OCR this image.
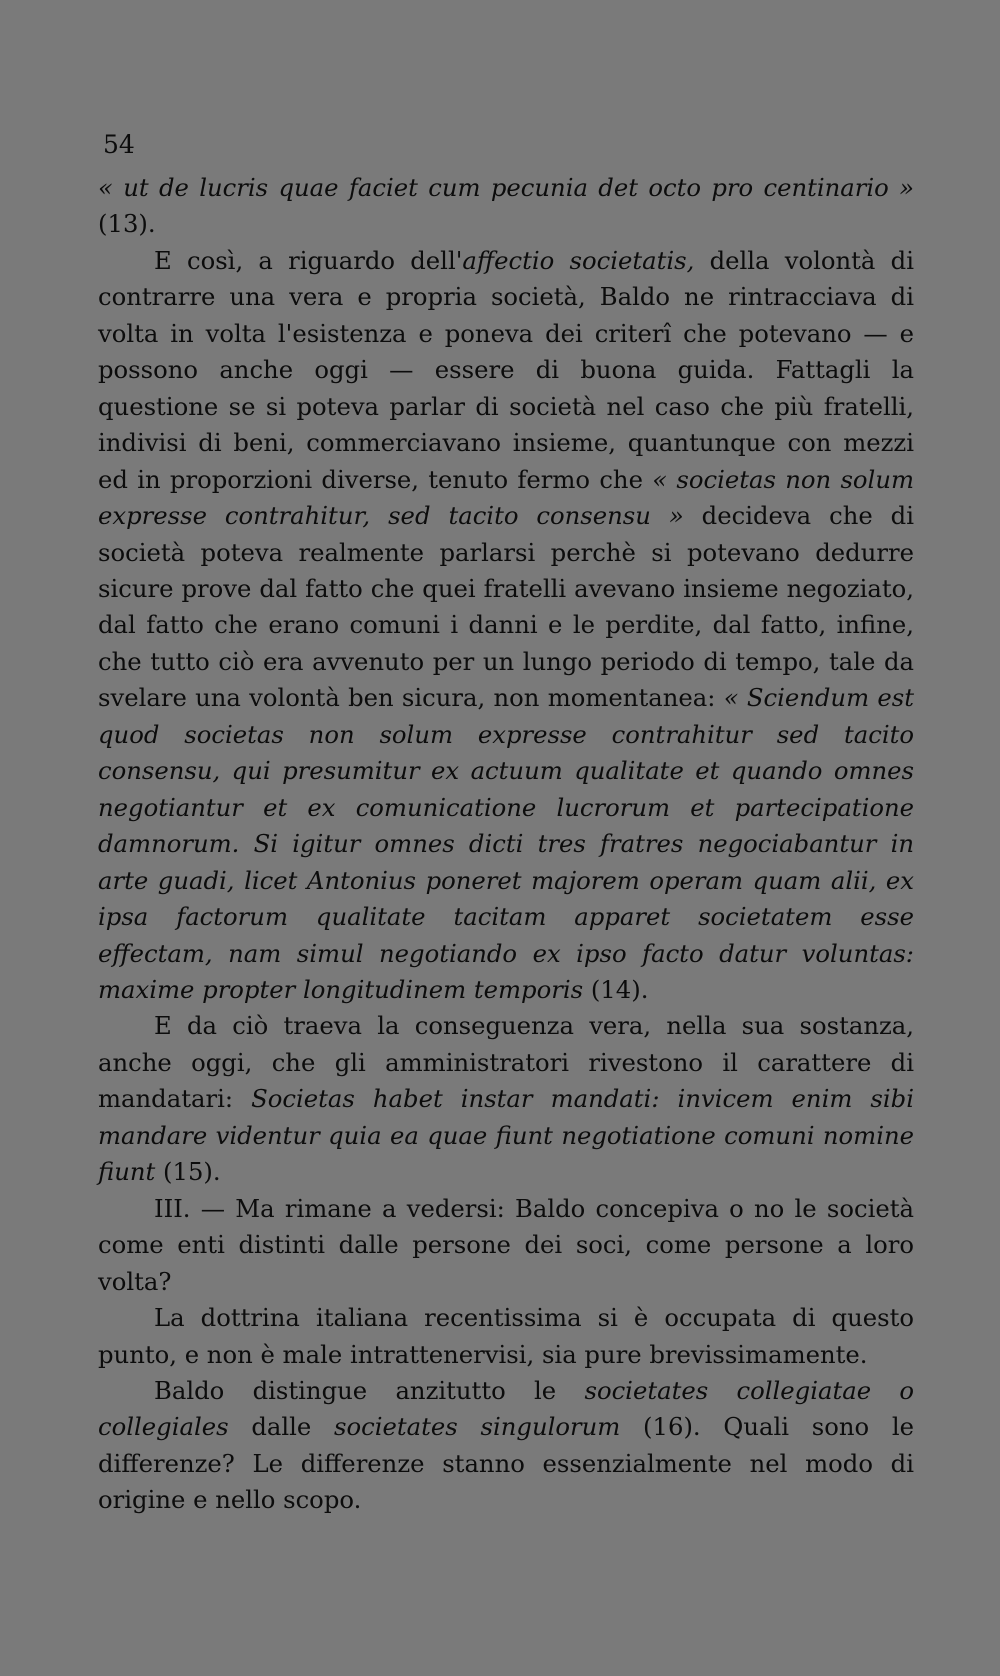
54

« ut de lucris quae faciet cum pecunia det octo pro centinario » (13).

E così, a riguardo dell'affectio societatis, della volontà di contrarre una vera e propria società, Baldo ne rintracciava di volta in volta l'esistenza e poneva dei criterî che potevano — e possono anche oggi — essere di buona guida. Fattagli la questione se si poteva parlar di società nel caso che più fratelli, indivisi di beni, commerciavano insieme, quantunque con mezzi ed in proporzioni diverse, tenuto fermo che « societas non solum expresse contrahitur, sed tacito consensu » decideva che di società poteva realmente parlarsi perchè si potevano dedurre sicure prove dal fatto che quei fratelli avevano insieme negoziato, dal fatto che erano comuni i danni e le perdite, dal fatto, infine, che tutto ciò era avvenuto per un lungo periodo di tempo, tale da svelare una volontà ben sicura, non momentanea: « Sciendum est quod societas non solum expresse contrahitur sed tacito consensu, qui presumitur ex actuum qualitate et quando omnes negotiantur et ex comunicatione lucrorum et partecipatione damnorum. Si igitur omnes dicti tres fratres negociabantur in arte guadi, licet Antonius poneret majorem operam quam alii, ex ipsa factorum qualitate tacitam apparet societatem esse effectam, nam simul negotiando ex ipso facto datur voluntas: maxime propter longitudinem temporis (14).

E da ciò traeva la conseguenza vera, nella sua sostanza, anche oggi, che gli amministratori rivestono il carattere di mandatari: Societas habet instar mandati: invicem enim sibi mandare videntur quia ea quae fiunt negotiatione comuni nomine fiunt (15).

III. — Ma rimane a vedersi: Baldo concepiva o no le società come enti distinti dalle persone dei soci, come persone a loro volta?

La dottrina italiana recentissima si è occupata di questo punto, e non è male intrattenervisi, sia pure brevissimamente.

Baldo distingue anzitutto le societates collegiatae o collegiales dalle societates singulorum (16). Quali sono le differenze? Le differenze stanno essenzialmente nel modo di origine e nello scopo.
